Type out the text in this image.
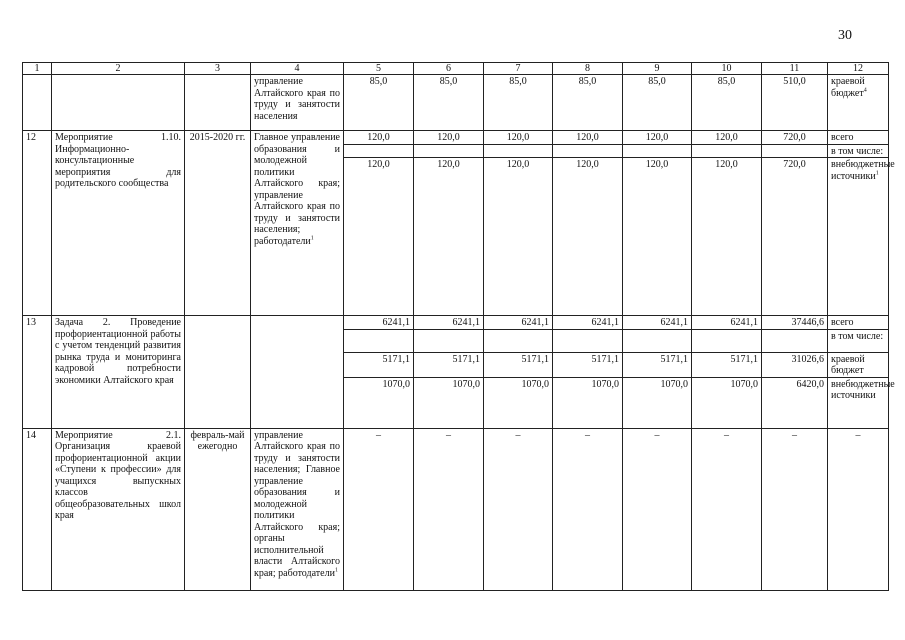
30
1	2	3	4	5	6	7	8	9	10	11	12
			управление Алтайского края по труду и занятости населения	85,0	85,0	85,0	85,0	85,0	85,0	510,0	краевой бюджет$^4$
12	Мероприятие 1.10. Информационно-консультационные мероприятия для родительского сообщества	2015-2020 гг.	Главное управление образования и молодежной политики Алтайского края; управление Алтайского края по труду и занятости населения; работодатели$^1$	120,0	120,0	120,0	120,0	120,0	120,0	720,0	всего
											в том числе:
				120,0	120,0	120,0	120,0	120,0	120,0	720,0	внебюджетные источники$^1$
13	Задача 2. Проведение профориентационной работы с учетом тенденций развития рынка труда и мониторинга кадровой потребности экономики Алтайского края			6241,1	6241,1	6241,1	6241,1	6241,1	6241,1	37446,6	всего
											в том числе:
				5171,1	5171,1	5171,1	5171,1	5171,1	5171,1	31026,6	краевой бюджет
				1070,0	1070,0	1070,0	1070,0	1070,0	1070,0	6420,0	внебюджетные источники
14	Мероприятие 2.1. Организация краевой профориентационной акции «Ступени к профессии» для учащихся выпускных классов общеобразовательных школ края	февраль-май ежегодно	управление Алтайского края по труду и занятости населения; Главное управление образования и молодежной политики Алтайского края; органы исполнительной власти Алтайского края; работодатели$^1$	–	–	–	–	–	–	–	–
